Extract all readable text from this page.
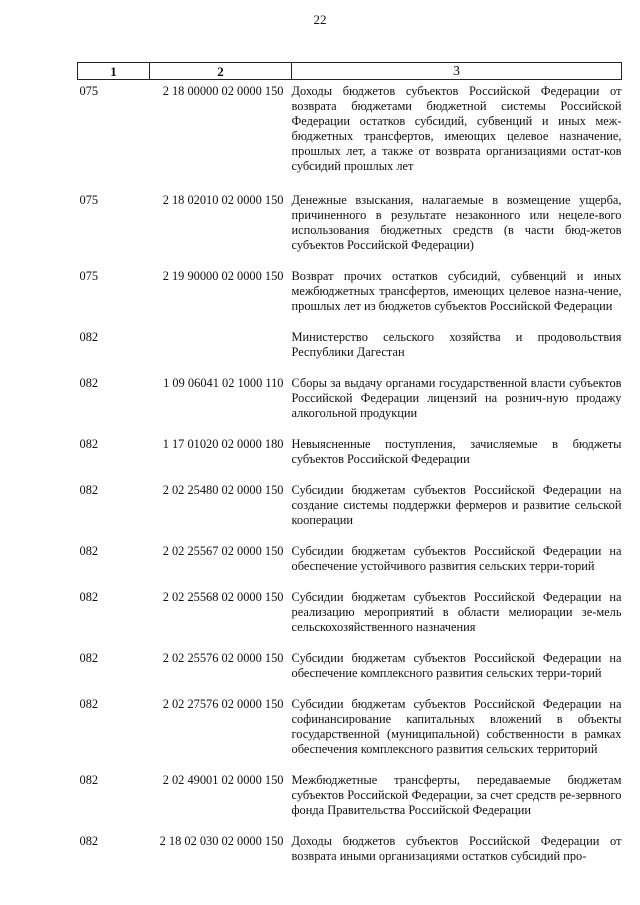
22
1	2	3
075	2 18 00000 02 0000 150	Доходы бюджетов субъектов Российской Федерации от возврата бюджетами бюджетной системы Российской Федерации остатков субсидий, субвенций и иных меж-бюджетных трансфертов, имеющих целевое назначение, прошлых лет, а также от возврата организациями остат-ков субсидий прошлых лет
075	2 18 02010 02 0000 150	Денежные взыскания, налагаемые в возмещение ущерба, причиненного в результате незаконного или нецеле-вого использования бюджетных средств (в части бюд-жетов субъектов Российской Федерации)
075	2 19 90000 02 0000 150	Возврат прочих остатков субсидий, субвенций и иных межбюджетных трансфертов, имеющих целевое назна-чение, прошлых лет из бюджетов субъектов Российской Федерации
082		Министерство сельского хозяйства и продовольствия Республики Дагестан
082	1 09 06041 02 1000 110	Сборы за выдачу органами государственной власти субъектов Российской Федерации лицензий на рознич-ную продажу алкогольной продукции
082	1 17 01020 02 0000 180	Невыясненные поступления, зачисляемые в бюджеты субъектов Российской Федерации
082	2 02 25480 02 0000 150	Субсидии бюджетам субъектов Российской Федерации на создание системы поддержки фермеров и развитие сельской кооперации
082	2 02 25567 02 0000 150	Субсидии бюджетам субъектов Российской Федерации на обеспечение устойчивого развития сельских терри-торий
082	2 02 25568 02 0000 150	Субсидии бюджетам субъектов Российской Федерации на реализацию мероприятий в области мелиорации зе-мель сельскохозяйственного назначения
082	2 02 25576 02 0000 150	Субсидии бюджетам субъектов Российской Федерации на обеспечение комплексного развития сельских терри-торий
082	2 02 27576 02 0000 150	Субсидии бюджетам субъектов Российской Федерации на софинансирование капитальных вложений в объекты государственной (муниципальной) собственности в рамках обеспечения комплексного развития сельских территорий
082	2 02 49001 02 0000 150	Межбюджетные трансферты, передаваемые бюджетам субъектов Российской Федерации, за счет средств ре-зервного фонда Правительства Российской Федерации
082	2 18 02 030 02 0000 150	Доходы бюджетов субъектов Российской Федерации от возврата иными организациями остатков субсидий про-
